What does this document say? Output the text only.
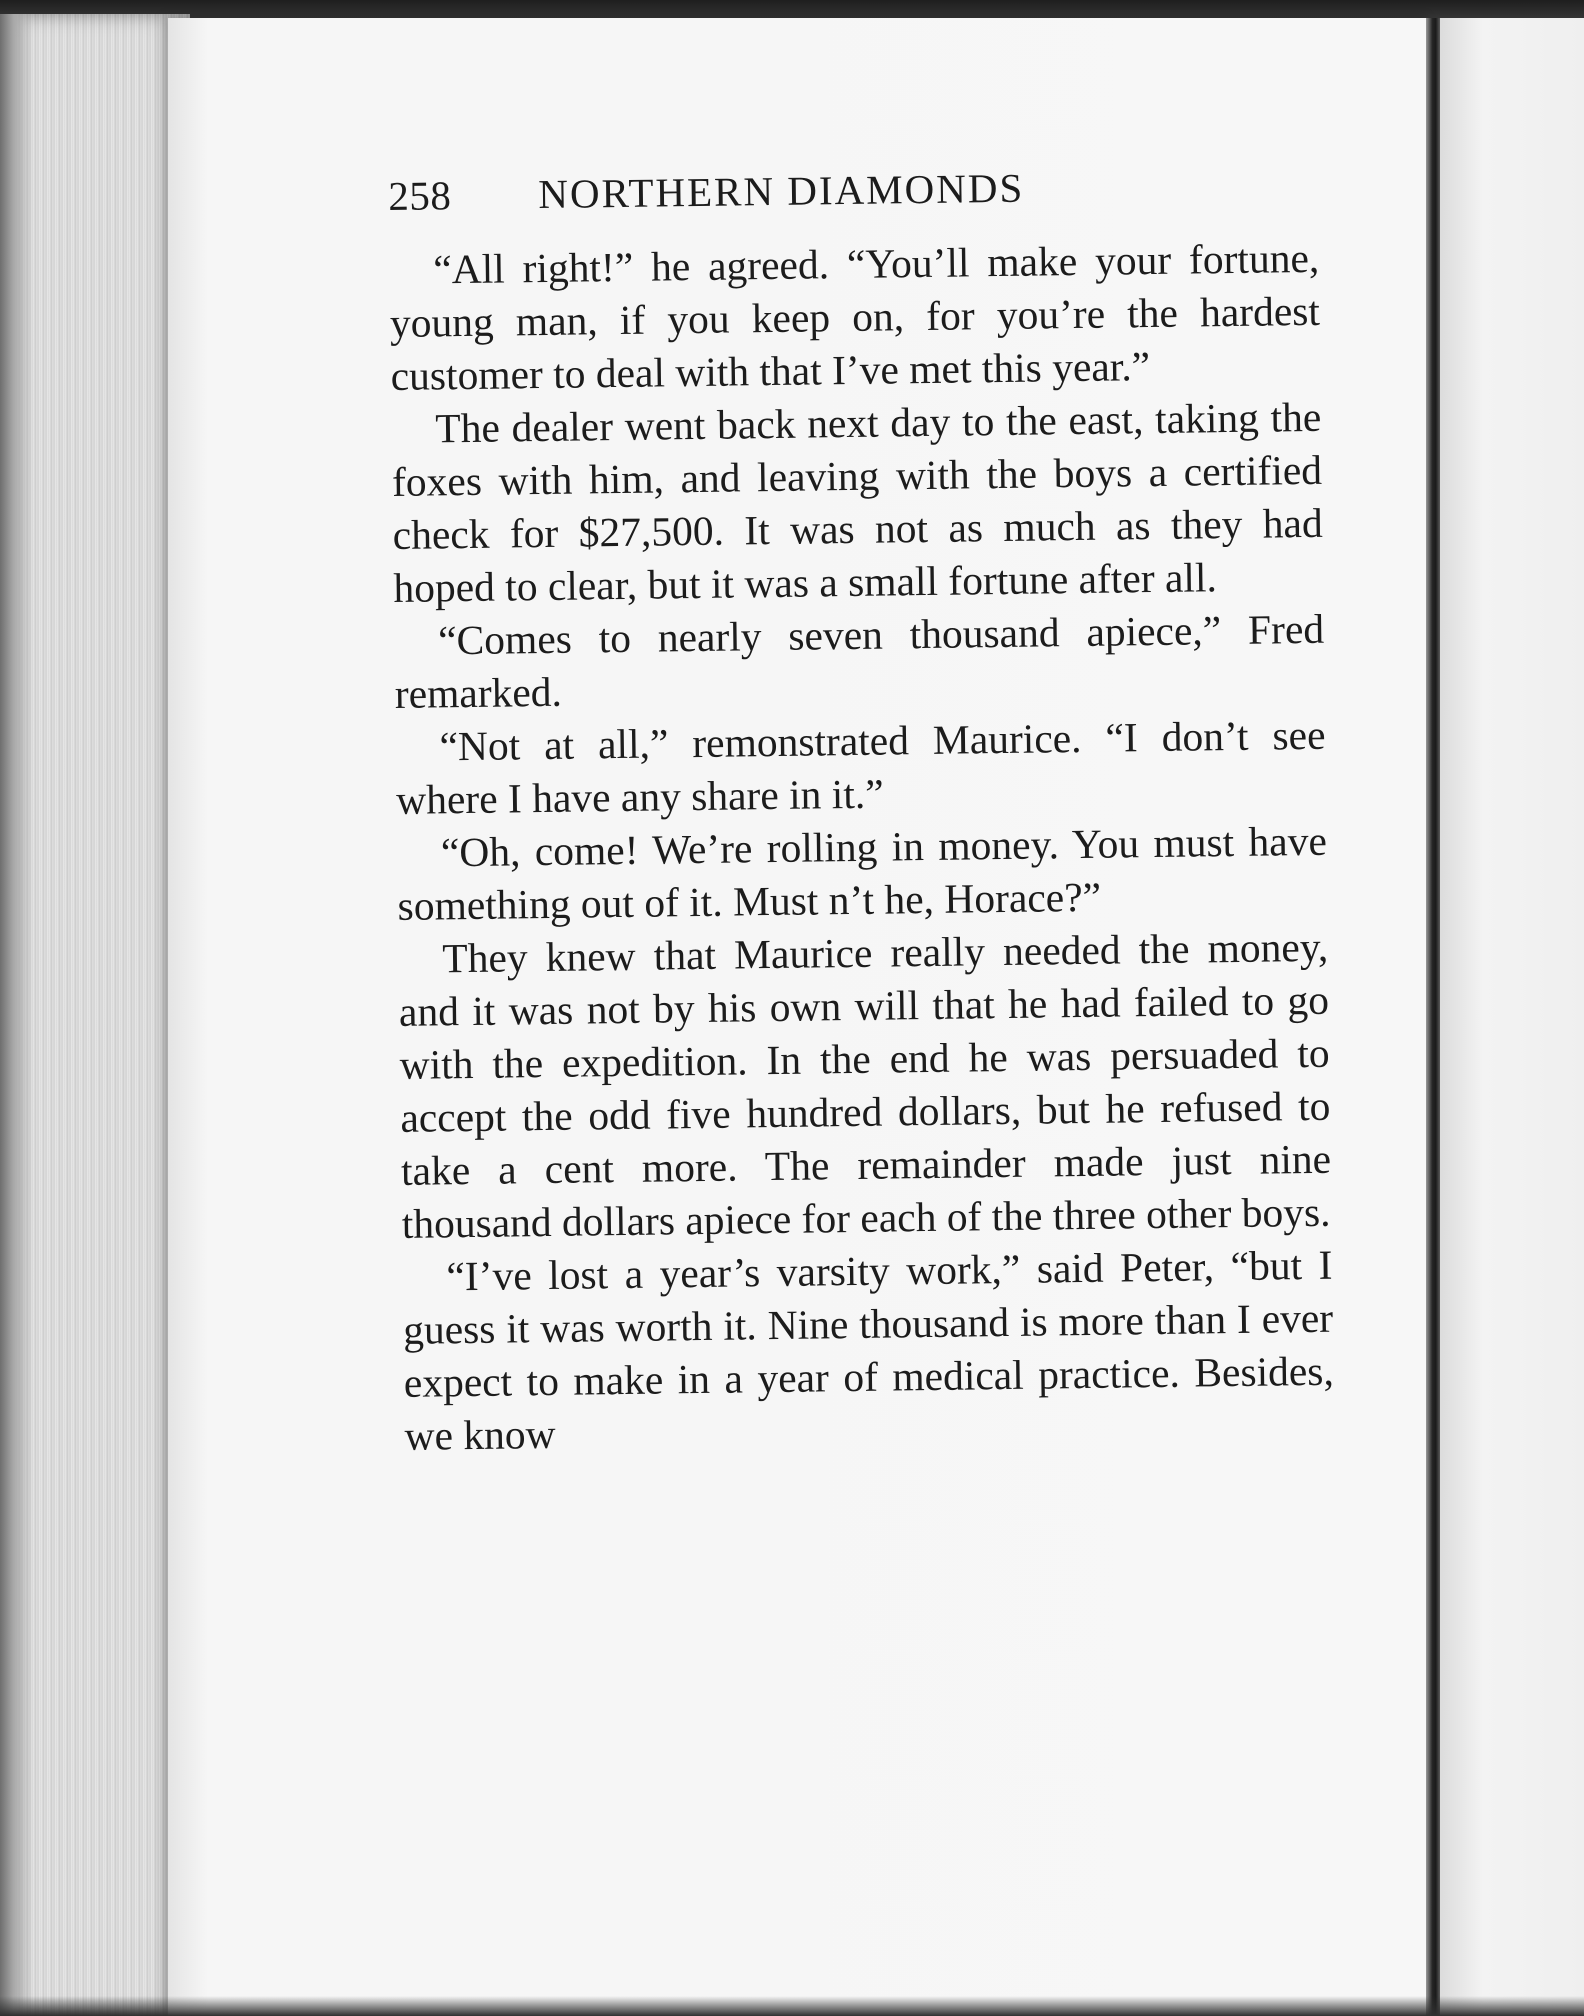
258	NORTHERN DIAMONDS

“All right!” he agreed. “You’ll make your fortune, young man, if you keep on, for you’re the hardest customer to deal with that I’ve met this year.”

The dealer went back next day to the east, taking the foxes with him, and leaving with the boys a certified check for $27,500. It was not as much as they had hoped to clear, but it was a small fortune after all.

“Comes to nearly seven thousand apiece,” Fred remarked.

“Not at all,” remonstrated Maurice. “I don’t see where I have any share in it.”

“Oh, come! We’re rolling in money. You must have something out of it. Must n’t he, Horace?”

They knew that Maurice really needed the money, and it was not by his own will that he had failed to go with the expedition. In the end he was persuaded to accept the odd five hundred dollars, but he refused to take a cent more. The remainder made just nine thousand dollars apiece for each of the three other boys.

“I’ve lost a year’s varsity work,” said Peter, “but I guess it was worth it. Nine thousand is more than I ever expect to make in a year of medical practice. Besides, we know
